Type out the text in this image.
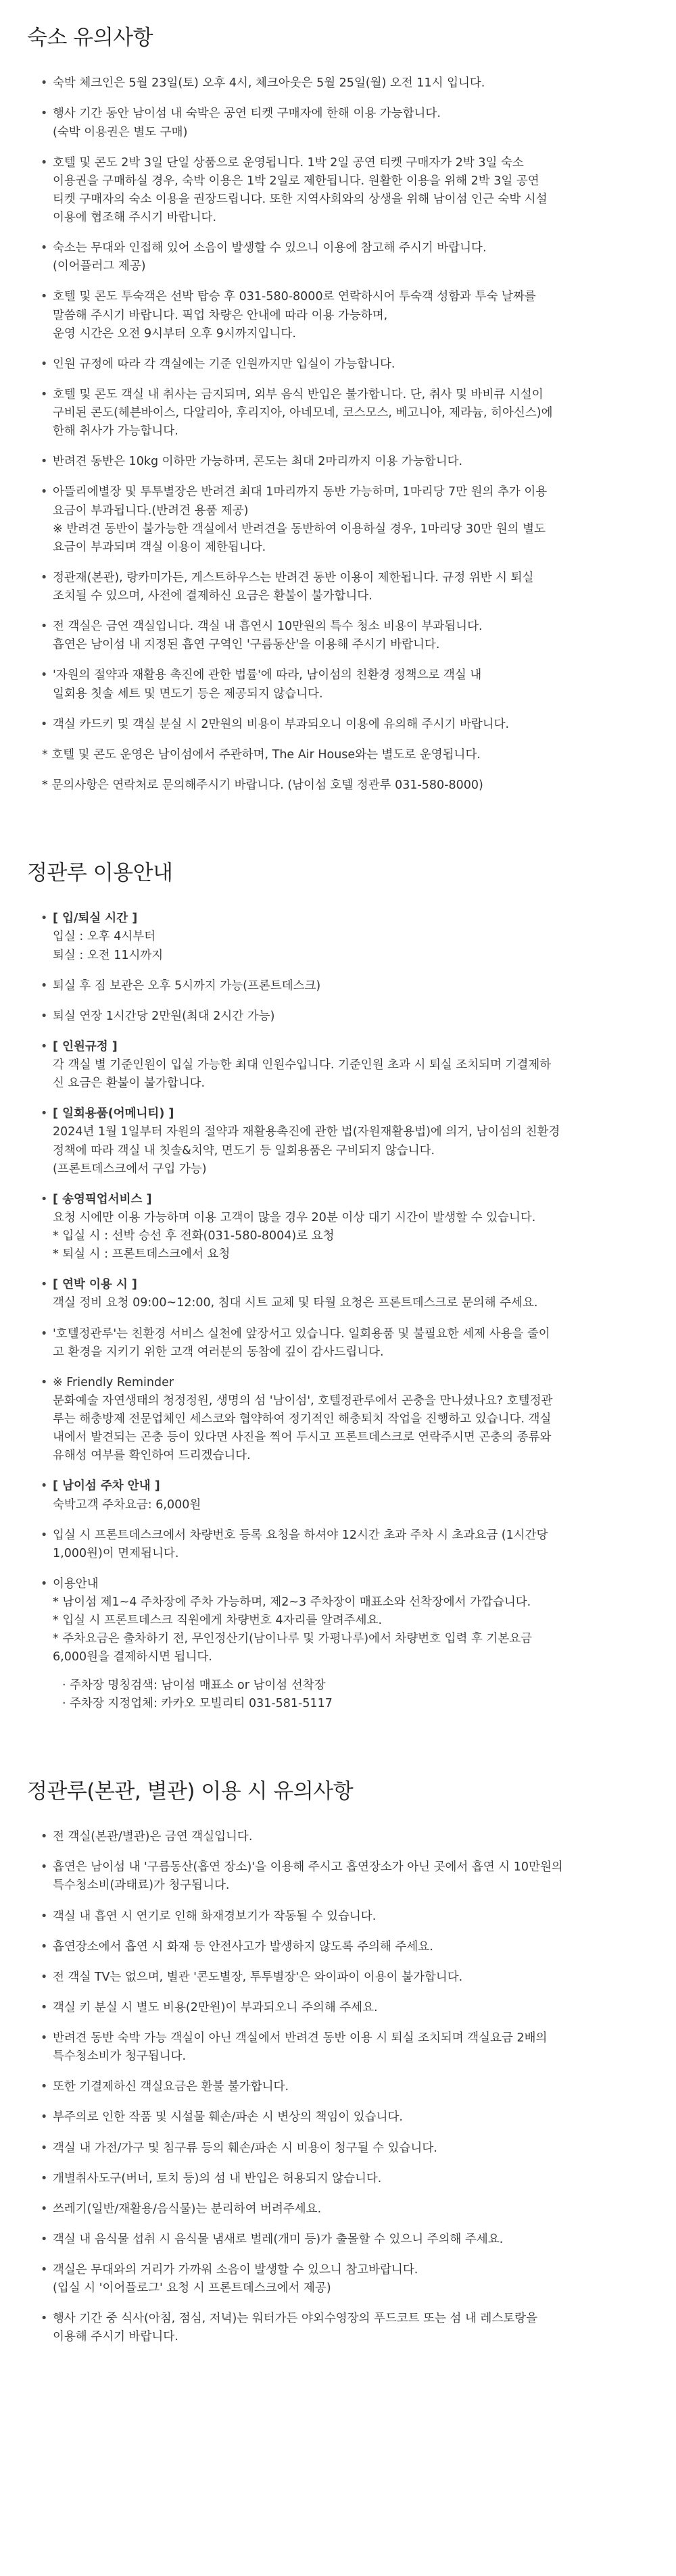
숙소 유의사항
• 숙박 체크인은 5월 23일(토) 오후 4시, 체크아웃은 5월 25일(월) 오전 11시 입니다.
• 행사 기간 동안 남이섬 내 숙박은 공연 티켓 구매자에 한해 이용 가능합니다.
(숙박 이용권은 별도 구매)
• 호텔 및 콘도 2박 3일 단일 상품으로 운영됩니다. 1박 2일 공연 티켓 구매자가 2박 3일 숙소
이용권을 구매하실 경우, 숙박 이용은 1박 2일로 제한됩니다. 원활한 이용을 위해 2박 3일 공연
티켓 구매자의 숙소 이용을 권장드립니다. 또한 지역사회와의 상생을 위해 남이섬 인근 숙박 시설
이용에 협조해 주시기 바랍니다.
• 숙소는 무대와 인접해 있어 소음이 발생할 수 있으니 이용에 참고해 주시기 바랍니다.
(이어플러그 제공)
• 호텔 및 콘도 투숙객은 선박 탑승 후 031-580-8000로 연락하시어 투숙객 성함과 투숙 날짜를
말씀해 주시기 바랍니다. 픽업 차량은 안내에 따라 이용 가능하며,
운영 시간은 오전 9시부터 오후 9시까지입니다.
• 인원 규정에 따라 각 객실에는 기준 인원까지만 입실이 가능합니다.
• 호텔 및 콘도 객실 내 취사는 금지되며, 외부 음식 반입은 불가합니다. 단, 취사 및 바비큐 시설이
구비된 콘도(헤븐바이스, 다알리아, 후리지아, 아네모네, 코스모스, 베고니아, 제라늄, 히아신스)에
한해 취사가 가능합니다.
• 반려견 동반은 10kg 이하만 가능하며, 콘도는 최대 2마리까지 이용 가능합니다.
• 아뜰리에별장 및 투투별장은 반려견 최대 1마리까지 동반 가능하며, 1마리당 7만 원의 추가 이용
요금이 부과됩니다.(반려견 용품 제공)
※ 반려견 동반이 불가능한 객실에서 반려견을 동반하여 이용하실 경우, 1마리당 30만 원의 별도
요금이 부과되며 객실 이용이 제한됩니다.
• 정관재(본관), 랑카미가든, 게스트하우스는 반려견 동반 이용이 제한됩니다. 규정 위반 시 퇴실
조치될 수 있으며, 사전에 결제하신 요금은 환불이 불가합니다.
• 전 객실은 금연 객실입니다. 객실 내 흡연시 10만원의 특수 청소 비용이 부과됩니다.
흡연은 남이섬 내 지정된 흡연 구역인 '구름동산'을 이용해 주시기 바랍니다.
• '자원의 절약과 재활용 촉진에 관한 법률'에 따라, 남이섬의 친환경 정책으로 객실 내
일회용 칫솔 세트 및 면도기 등은 제공되지 않습니다.
• 객실 카드키 및 객실 분실 시 2만원의 비용이 부과되오니 이용에 유의해 주시기 바랍니다.
* 호텔 및 콘도 운영은 남이섬에서 주관하며, The Air House와는 별도로 운영됩니다.
* 문의사항은 연락처로 문의해주시기 바랍니다. (남이섬 호텔 정관루 031-580-8000)
정관루 이용안내
• [ 입/퇴실 시간 ]
입실 : 오후 4시부터
퇴실 : 오전 11시까지
• 퇴실 후 짐 보관은 오후 5시까지 가능(프론트데스크)
• 퇴실 연장 1시간당 2만원(최대 2시간 가능)
• [ 인원규정 ]
각 객실 별 기준인원이 입실 가능한 최대 인원수입니다. 기준인원 초과 시 퇴실 조치되며 기결제하
신 요금은 환불이 불가합니다.
• [ 일회용품(어메니티) ]
2024년 1월 1일부터 자원의 절약과 재활용촉진에 관한 법(자원재활용법)에 의거, 남이섬의 친환경
정책에 따라 객실 내 칫솔&치약, 면도기 등 일회용품은 구비되지 않습니다.
(프론트데스크에서 구입 가능)
• [ 송영픽업서비스 ]
요청 시에만 이용 가능하며 이용 고객이 많을 경우 20분 이상 대기 시간이 발생할 수 있습니다.
* 입실 시 : 선박 승선 후 전화(031-580-8004)로 요청
* 퇴실 시 : 프론트데스크에서 요청
• [ 연박 이용 시 ]
객실 정비 요청 09:00~12:00, 침대 시트 교체 및 타월 요청은 프론트데스크로 문의해 주세요.
• '호텔정관루'는 친환경 서비스 실천에 앞장서고 있습니다. 일회용품 및 불필요한 세제 사용을 줄이
고 환경을 지키기 위한 고객 여러분의 동참에 깊이 감사드립니다.
• ※ Friendly Reminder
문화예술 자연생태의 청정정원, 생명의 섬 '남이섬', 호텔정관루에서 곤충을 만나셨나요? 호텔정관
루는 해충방제 전문업체인 세스코와 협약하여 정기적인 해충퇴치 작업을 진행하고 있습니다. 객실
내에서 발견되는 곤충 등이 있다면 사진을 찍어 두시고 프론트데스크로 연락주시면 곤충의 종류와
유해성 여부를 확인하여 드리겠습니다.
• [ 남이섬 주차 안내 ]
숙박고객 주차요금: 6,000원
• 입실 시 프론트데스크에서 차량번호 등록 요청을 하셔야 12시간 초과 주차 시 초과요금 (1시간당
1,000원)이 면제됩니다.
• 이용안내
* 남이섬 제1~4 주차장에 주차 가능하며, 제2~3 주차장이 매표소와 선착장에서 가깝습니다.
* 입실 시 프론트데스크 직원에게 차량번호 4자리를 알려주세요.
* 주차요금은 출차하기 전, 무인정산기(남이나루 및 가평나루)에서 차량번호 입력 후 기본요금
6,000원을 결제하시면 됩니다.
· 주차장 명칭검색: 남이섬 매표소 or 남이섬 선착장
· 주차장 지정업체: 카카오 모빌리티 031-581-5117
정관루(본관, 별관) 이용 시 유의사항
• 전 객실(본관/별관)은 금연 객실입니다.
• 흡연은 남이섬 내 '구름동산(흡연 장소)'을 이용해 주시고 흡연장소가 아닌 곳에서 흡연 시 10만원의
특수청소비(과태료)가 청구됩니다.
• 객실 내 흡연 시 연기로 인해 화재경보기가 작동될 수 있습니다.
• 흡연장소에서 흡연 시 화재 등 안전사고가 발생하지 않도록 주의해 주세요.
• 전 객실 TV는 없으며, 별관 '콘도별장, 투투별장'은 와이파이 이용이 불가합니다.
• 객실 키 분실 시 별도 비용(2만원)이 부과되오니 주의해 주세요.
• 반려견 동반 숙박 가능 객실이 아닌 객실에서 반려견 동반 이용 시 퇴실 조치되며 객실요금 2배의
특수청소비가 청구됩니다.
• 또한 기결제하신 객실요금은 환불 불가합니다.
• 부주의로 인한 작품 및 시설물 훼손/파손 시 변상의 책임이 있습니다.
• 객실 내 가전/가구 및 침구류 등의 훼손/파손 시 비용이 청구될 수 있습니다.
• 개별취사도구(버너, 토치 등)의 섬 내 반입은 허용되지 않습니다.
• 쓰레기(일반/재활용/음식물)는 분리하여 버려주세요.
• 객실 내 음식물 섭취 시 음식물 냄새로 벌레(개미 등)가 출몰할 수 있으니 주의해 주세요.
• 객실은 무대와의 거리가 가까워 소음이 발생할 수 있으니 참고바랍니다.
(입실 시 '이어플로그' 요청 시 프론트데스크에서 제공)
• 행사 기간 중 식사(아침, 점심, 저녁)는 워터가든 야외수영장의 푸드코트 또는 섬 내 레스토랑을
이용해 주시기 바랍니다.
